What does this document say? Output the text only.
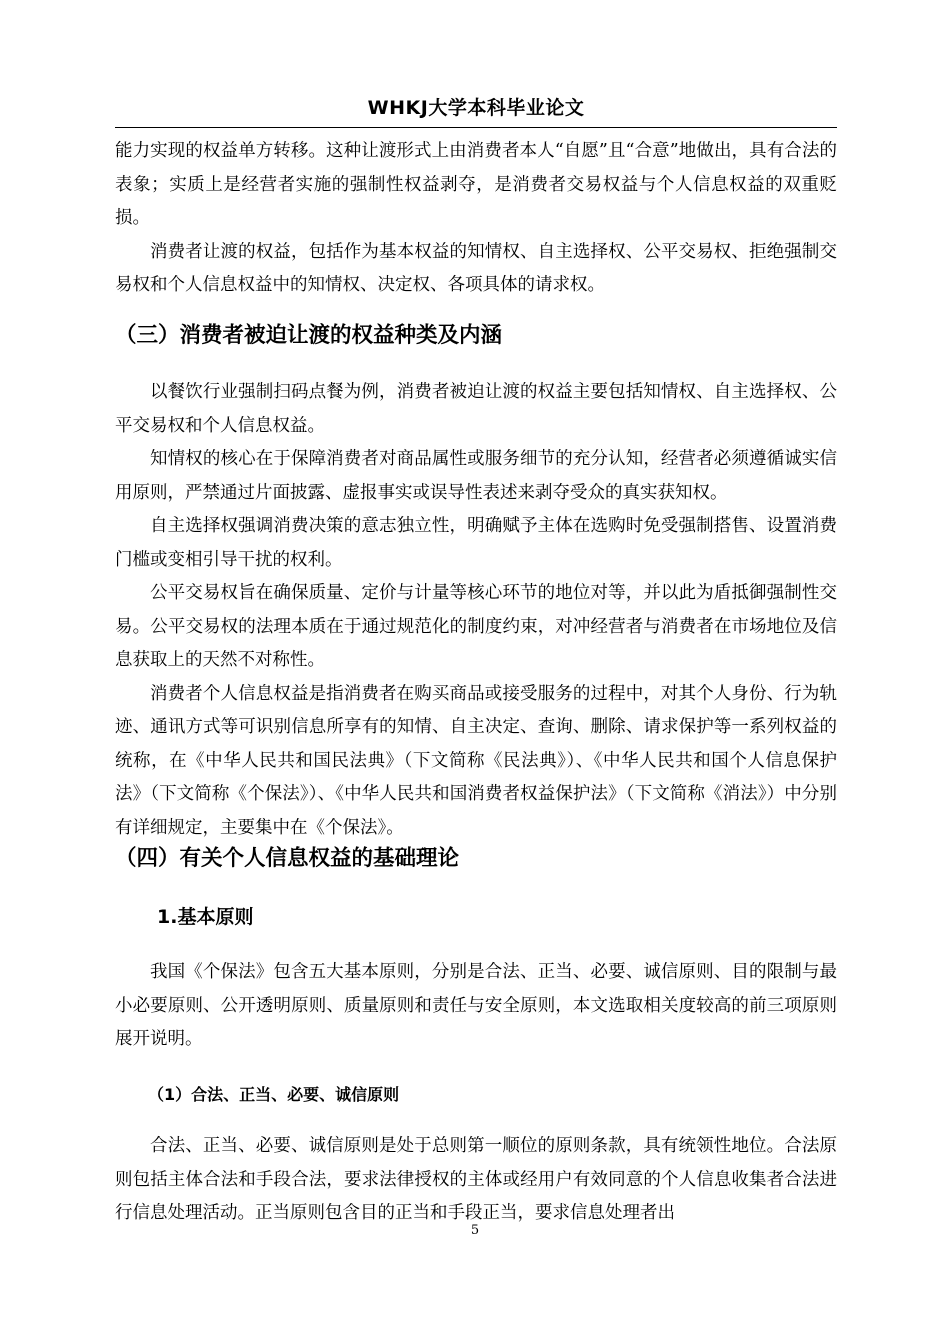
WHKJ大学本科毕业论文

能力实现的权益单方转移。这种让渡形式上由消费者本人“自愿”且“合意”地做出，具有合法的表象；实质上是经营者实施的强制性权益剥夺，是消费者交易权益与个人信息权益的双重贬损。

消费者让渡的权益，包括作为基本权益的知情权、自主选择权、公平交易权、拒绝强制交易权和个人信息权益中的知情权、决定权、各项具体的请求权。

（三）消费者被迫让渡的权益种类及内涵

以餐饮行业强制扫码点餐为例，消费者被迫让渡的权益主要包括知情权、自主选择权、公平交易权和个人信息权益。

知情权的核心在于保障消费者对商品属性或服务细节的充分认知，经营者必须遵循诚实信用原则，严禁通过片面披露、虚报事实或误导性表述来剥夺受众的真实获知权。

自主选择权强调消费决策的意志独立性，明确赋予主体在选购时免受强制搭售、设置消费门槛或变相引导干扰的权利。

公平交易权旨在确保质量、定价与计量等核心环节的地位对等，并以此为盾抵御强制性交易。公平交易权的法理本质在于通过规范化的制度约束，对冲经营者与消费者在市场地位及信息获取上的天然不对称性。

消费者个人信息权益是指消费者在购买商品或接受服务的过程中，对其个人身份、行为轨迹、通讯方式等可识别信息所享有的知情、自主决定、查询、删除、请求保护等一系列权益的统称，在《中华人民共和国民法典》（下文简称《民法典》）、《中华人民共和国个人信息保护法》（下文简称《个保法》）、《中华人民共和国消费者权益保护法》（下文简称《消法》）中分别有详细规定，主要集中在《个保法》。

（四）有关个人信息权益的基础理论
1.基本原则

我国《个保法》包含五大基本原则，分别是合法、正当、必要、诚信原则、目的限制与最小必要原则、公开透明原则、质量原则和责任与安全原则，本文选取相关度较高的前三项原则展开说明。

（1）合法、正当、必要、诚信原则

合法、正当、必要、诚信原则是处于总则第一顺位的原则条款，具有统领性地位。合法原则包括主体合法和手段合法，要求法律授权的主体或经用户有效同意的个人信息收集者合法进行信息处理活动。正当原则包含目的正当和手段正当，要求信息处理者出

5
